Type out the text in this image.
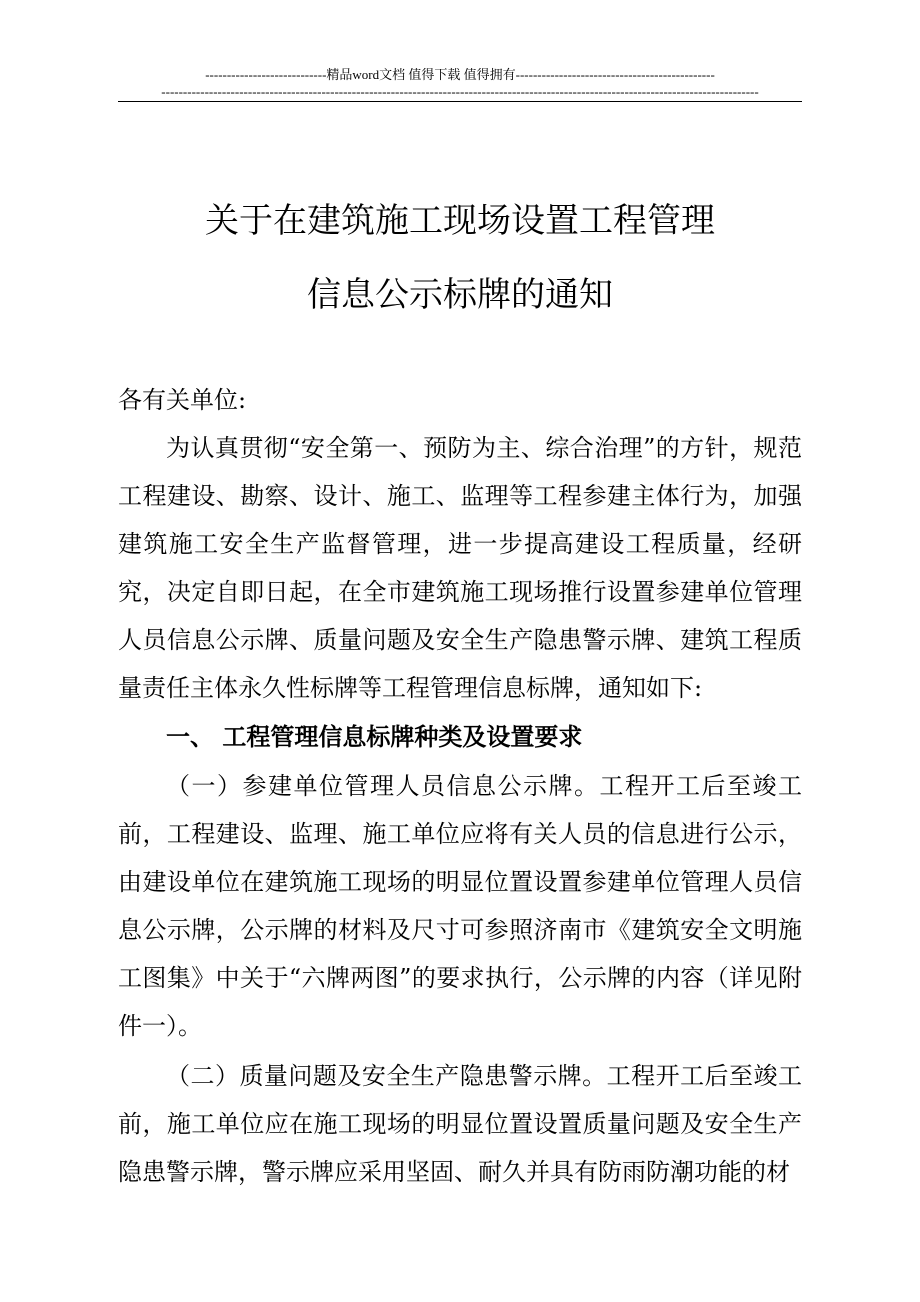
----------------------------精品word文档 值得下载 值得拥有----------------------------------------------
------------------------------------------------------------------------------------------------------------------------------------------
关于在建筑施工现场设置工程管理
信息公示标牌的通知
各有关单位:
为认真贯彻“安全第一、预防为主、综合治理”的方针，规范工程建设、勘察、设计、施工、监理等工程参建主体行为，加强建筑施工安全生产监督管理，进一步提高建设工程质量，经研究，决定自即日起，在全市建筑施工现场推行设置参建单位管理人员信息公示牌、质量问题及安全生产隐患警示牌、建筑工程质量责任主体永久性标牌等工程管理信息标牌，通知如下:
一、 工程管理信息标牌种类及设置要求
（一）参建单位管理人员信息公示牌。工程开工后至竣工前，工程建设、监理、施工单位应将有关人员的信息进行公示，由建设单位在建筑施工现场的明显位置设置参建单位管理人员信息公示牌，公示牌的材料及尺寸可参照济南市《建筑安全文明施工图集》中关于“六牌两图”的要求执行，公示牌的内容（详见附件一）。
（二）质量问题及安全生产隐患警示牌。工程开工后至竣工前，施工单位应在施工现场的明显位置设置质量问题及安全生产隐患警示牌，警示牌应采用坚固、耐久并具有防雨防潮功能的材
